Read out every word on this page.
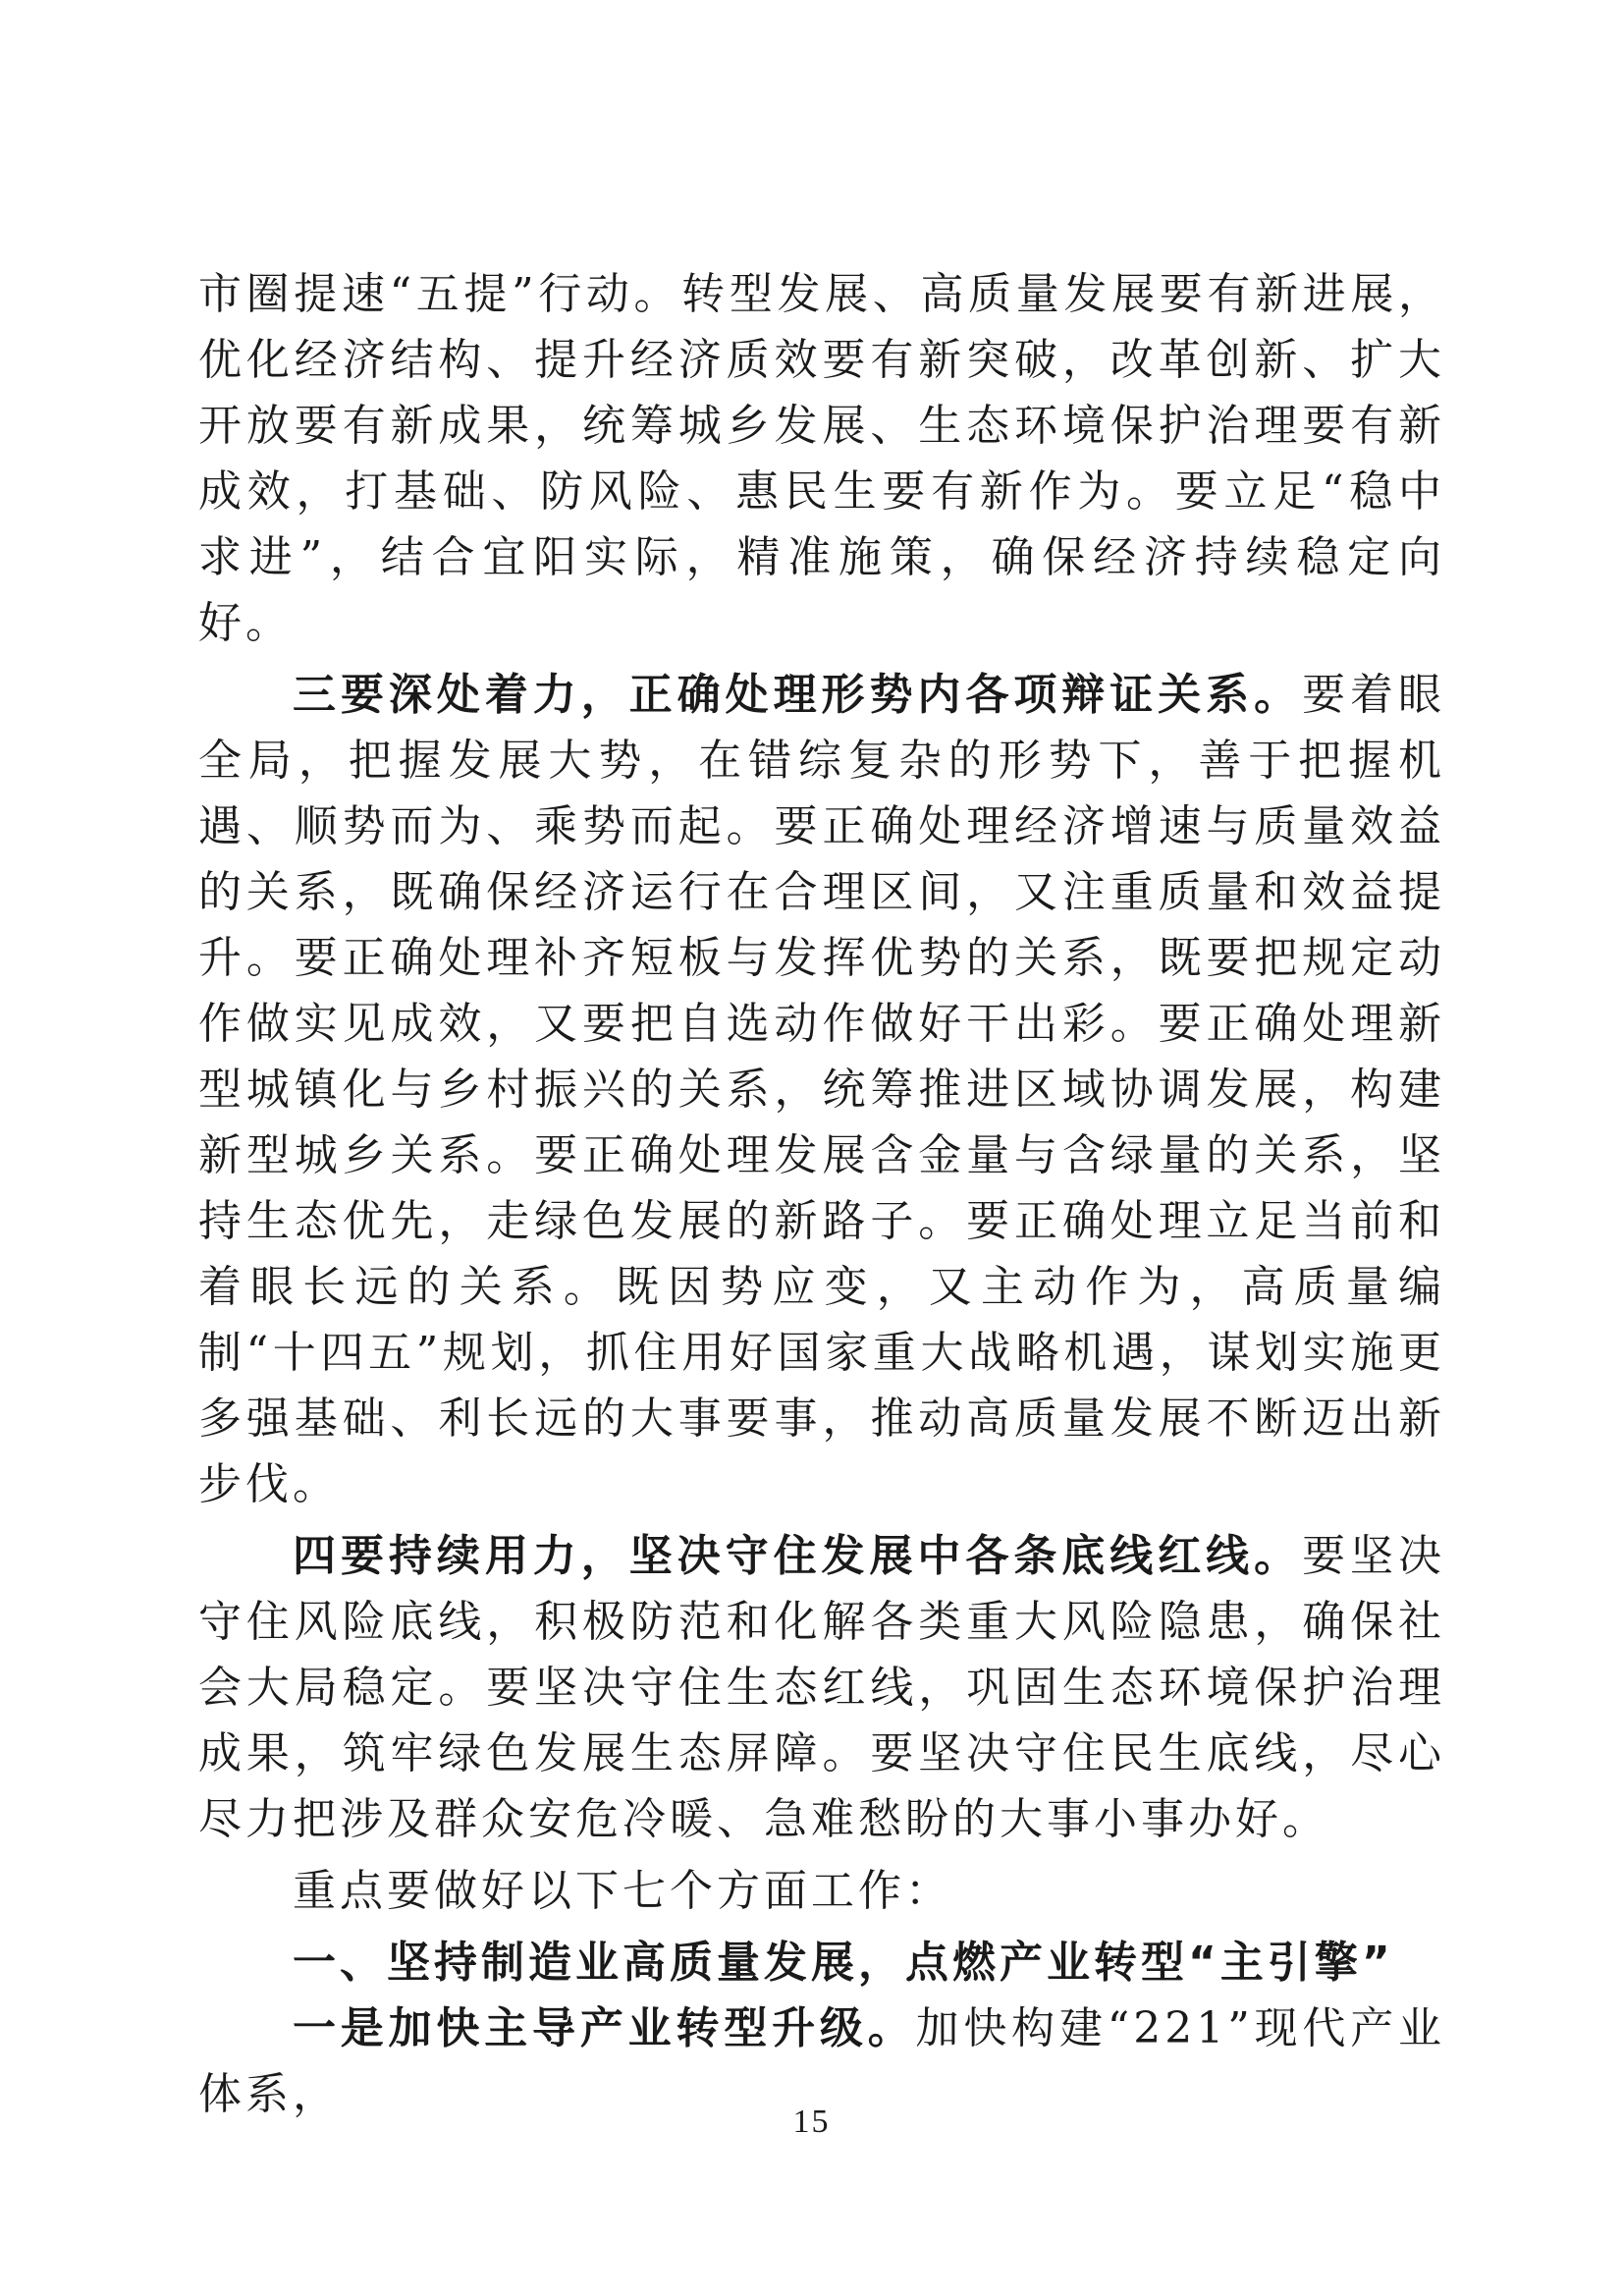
市圈提速“五提”行动。转型发展、高质量发展要有新进展，优化经济结构、提升经济质效要有新突破，改革创新、扩大开放要有新成果，统筹城乡发展、生态环境保护治理要有新成效，打基础、防风险、惠民生要有新作为。要立足“稳中求进”，结合宜阳实际，精准施策，确保经济持续稳定向好。

三要深处着力，正确处理形势内各项辩证关系。要着眼全局，把握发展大势，在错综复杂的形势下，善于把握机遇、顺势而为、乘势而起。要正确处理经济增速与质量效益的关系，既确保经济运行在合理区间，又注重质量和效益提升。要正确处理补齐短板与发挥优势的关系，既要把规定动作做实见成效，又要把自选动作做好干出彩。要正确处理新型城镇化与乡村振兴的关系，统筹推进区域协调发展，构建新型城乡关系。要正确处理发展含金量与含绿量的关系，坚持生态优先，走绿色发展的新路子。要正确处理立足当前和着眼长远的关系。既因势应变，又主动作为，高质量编制“十四五”规划，抓住用好国家重大战略机遇，谋划实施更多强基础、利长远的大事要事，推动高质量发展不断迈出新步伐。

四要持续用力，坚决守住发展中各条底线红线。要坚决守住风险底线，积极防范和化解各类重大风险隐患，确保社会大局稳定。要坚决守住生态红线，巩固生态环境保护治理成果，筑牢绿色发展生态屏障。要坚决守住民生底线，尽心尽力把涉及群众安危冷暖、急难愁盼的大事小事办好。

重点要做好以下七个方面工作：

一、坚持制造业高质量发展，点燃产业转型“主引擎”

一是加快主导产业转型升级。加快构建“221”现代产业体系，

15
